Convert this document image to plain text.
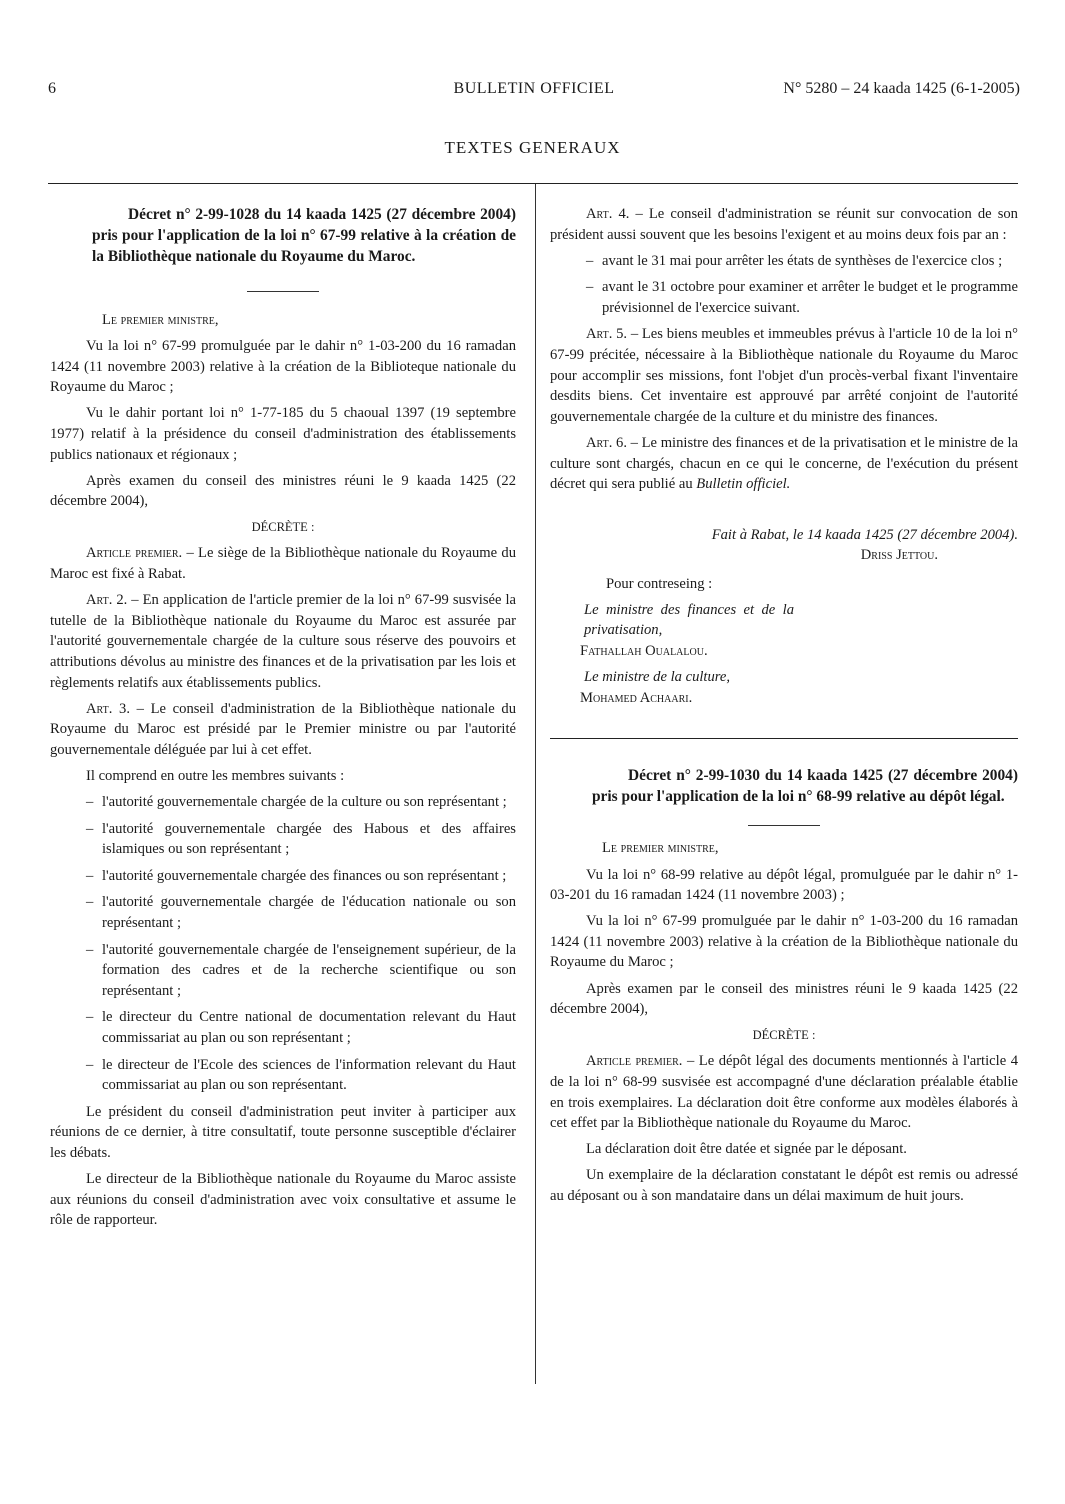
6	BULLETIN OFFICIEL	N° 5280 – 24 kaada 1425 (6-1-2005)
TEXTES GENERAUX

Décret n° 2-99-1028 du 14 kaada 1425 (27 décembre 2004) pris pour l'application de la loi n° 67-99 relative à la création de la Bibliothèque nationale du Royaume du Maroc.

Le premier ministre,

Vu la loi n° 67-99 promulguée par le dahir n° 1-03-200 du 16 ramadan 1424 (11 novembre 2003) relative à la création de la Biblioteque nationale du Royaume du Maroc ;

Vu le dahir portant loi n° 1-77-185 du 5 chaoual 1397 (19 septembre 1977) relatif à la présidence du conseil d'administration des établissements publics nationaux et régionaux ;

Après examen du conseil des ministres réuni le 9 kaada 1425 (22 décembre 2004),

DÉCRÈTE :

Article premier. – Le siège de la Bibliothèque nationale du Royaume du Maroc est fixé à Rabat.

Art. 2. – En application de l'article premier de la loi n° 67-99 susvisée la tutelle de la Bibliothèque nationale du Royaume du Maroc est assurée par l'autorité gouvernementale chargée de la culture sous réserve des pouvoirs et attributions dévolus au ministre des finances et de la privatisation par les lois et règlements relatifs aux établissements publics.

Art. 3. – Le conseil d'administration de la Bibliothèque nationale du Royaume du Maroc est présidé par le Premier ministre ou par l'autorité gouvernementale déléguée par lui à cet effet.

Il comprend en outre les membres suivants :

– l'autorité gouvernementale chargée de la culture ou son représentant ;
– l'autorité gouvernementale chargée des Habous et des affaires islamiques ou son représentant ;
– l'autorité gouvernementale chargée des finances ou son représentant ;
– l'autorité gouvernementale chargée de l'éducation nationale ou son représentant ;
– l'autorité gouvernementale chargée de l'enseignement supérieur, de la formation des cadres et de la recherche scientifique ou son représentant ;
– le directeur du Centre national de documentation relevant du Haut commissariat au plan ou son représentant ;
– le directeur de l'Ecole des sciences de l'information relevant du Haut commissariat au plan ou son représentant.

Le président du conseil d'administration peut inviter à participer aux réunions de ce dernier, à titre consultatif, toute personne susceptible d'éclairer les débats.

Le directeur de la Bibliothèque nationale du Royaume du Maroc assiste aux réunions du conseil d'administration avec voix consultative et assume le rôle de rapporteur.

Art. 4. – Le conseil d'administration se réunit sur convocation de son président aussi souvent que les besoins l'exigent et au moins deux fois par an :

– avant le 31 mai pour arrêter les états de synthèses de l'exercice clos ;
– avant le 31 octobre pour examiner et arrêter le budget et le programme prévisionnel de l'exercice suivant.

Art. 5. – Les biens meubles et immeubles prévus à l'article 10 de la loi n° 67-99 précitée, nécessaire à la Bibliothèque nationale du Royaume du Maroc pour accomplir ses missions, font l'objet d'un procès-verbal fixant l'inventaire desdits biens. Cet inventaire est approuvé par arrêté conjoint de l'autorité gouvernementale chargée de la culture et du ministre des finances.

Art. 6. – Le ministre des finances et de la privatisation et le ministre de la culture sont chargés, chacun en ce qui le concerne, de l'exécution du présent décret qui sera publié au Bulletin officiel.

Fait à Rabat, le 14 kaada 1425 (27 décembre 2004).
Driss Jettou.
Pour contreseing :
Le ministre des finances et de la privatisation,
Fathallah Oualalou.
Le ministre de la culture,
Mohamed Achaari.

Décret n° 2-99-1030 du 14 kaada 1425 (27 décembre 2004) pris pour l'application de la loi n° 68-99 relative au dépôt légal.

Le premier ministre,

Vu la loi n° 68-99 relative au dépôt légal, promulguée par le dahir n° 1-03-201 du 16 ramadan 1424 (11 novembre 2003) ;

Vu la loi n° 67-99 promulguée par le dahir n° 1-03-200 du 16 ramadan 1424 (11 novembre 2003) relative à la création de la Bibliothèque nationale du Royaume du Maroc ;

Après examen par le conseil des ministres réuni le 9 kaada 1425 (22 décembre 2004),

DÉCRÈTE :

Article premier. – Le dépôt légal des documents mentionnés à l'article 4 de la loi n° 68-99 susvisée est accompagné d'une déclaration préalable établie en trois exemplaires. La déclaration doit être conforme aux modèles élaborés à cet effet par la Bibliothèque nationale du Royaume du Maroc.

La déclaration doit être datée et signée par le déposant.

Un exemplaire de la déclaration constatant le dépôt est remis ou adressé au déposant ou à son mandataire dans un délai maximum de huit jours.
